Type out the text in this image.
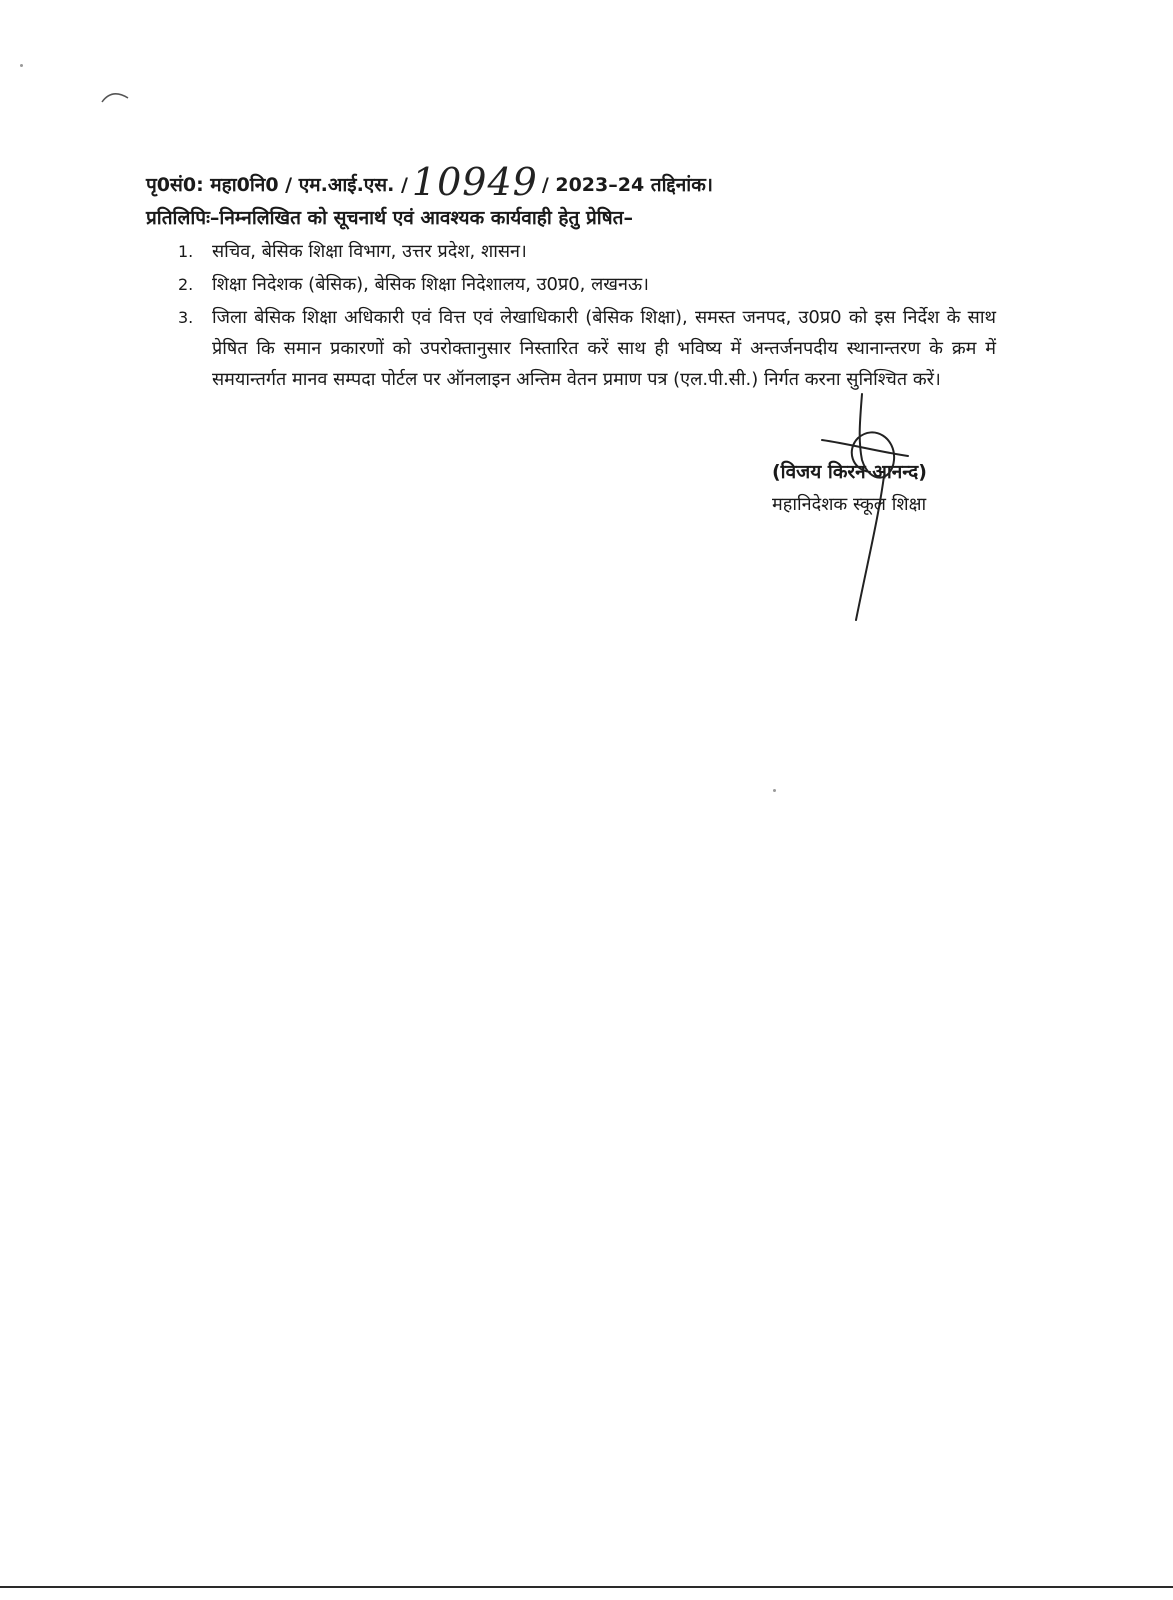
पृ0सं0: महा0नि0 / एम.आई.एस. / 10949 / 2023–24 तद्दिनांक।
प्रतिलिपिः–निम्नलिखित को सूचनार्थ एवं आवश्यक कार्यवाही हेतु प्रेषित–
1.	सचिव, बेसिक शिक्षा विभाग, उत्तर प्रदेश, शासन।
2.	शिक्षा निदेशक (बेसिक), बेसिक शिक्षा निदेशालय, उ0प्र0, लखनऊ।
3.	जिला बेसिक शिक्षा अधिकारी एवं वित्त एवं लेखाधिकारी (बेसिक शिक्षा), समस्त जनपद, उ0प्र0 को इस निर्देश के साथ प्रेषित कि समान प्रकारणों को उपरोक्तानुसार निस्तारित करें साथ ही भविष्य में अन्तर्जनपदीय स्थानान्तरण के क्रम में समयान्तर्गत मानव सम्पदा पोर्टल पर ऑनलाइन अन्तिम वेतन प्रमाण पत्र (एल.पी.सी.) निर्गत करना सुनिश्चित करें।
(विजय किरन आनन्द)
महानिदेशक स्कूल शिक्षा
